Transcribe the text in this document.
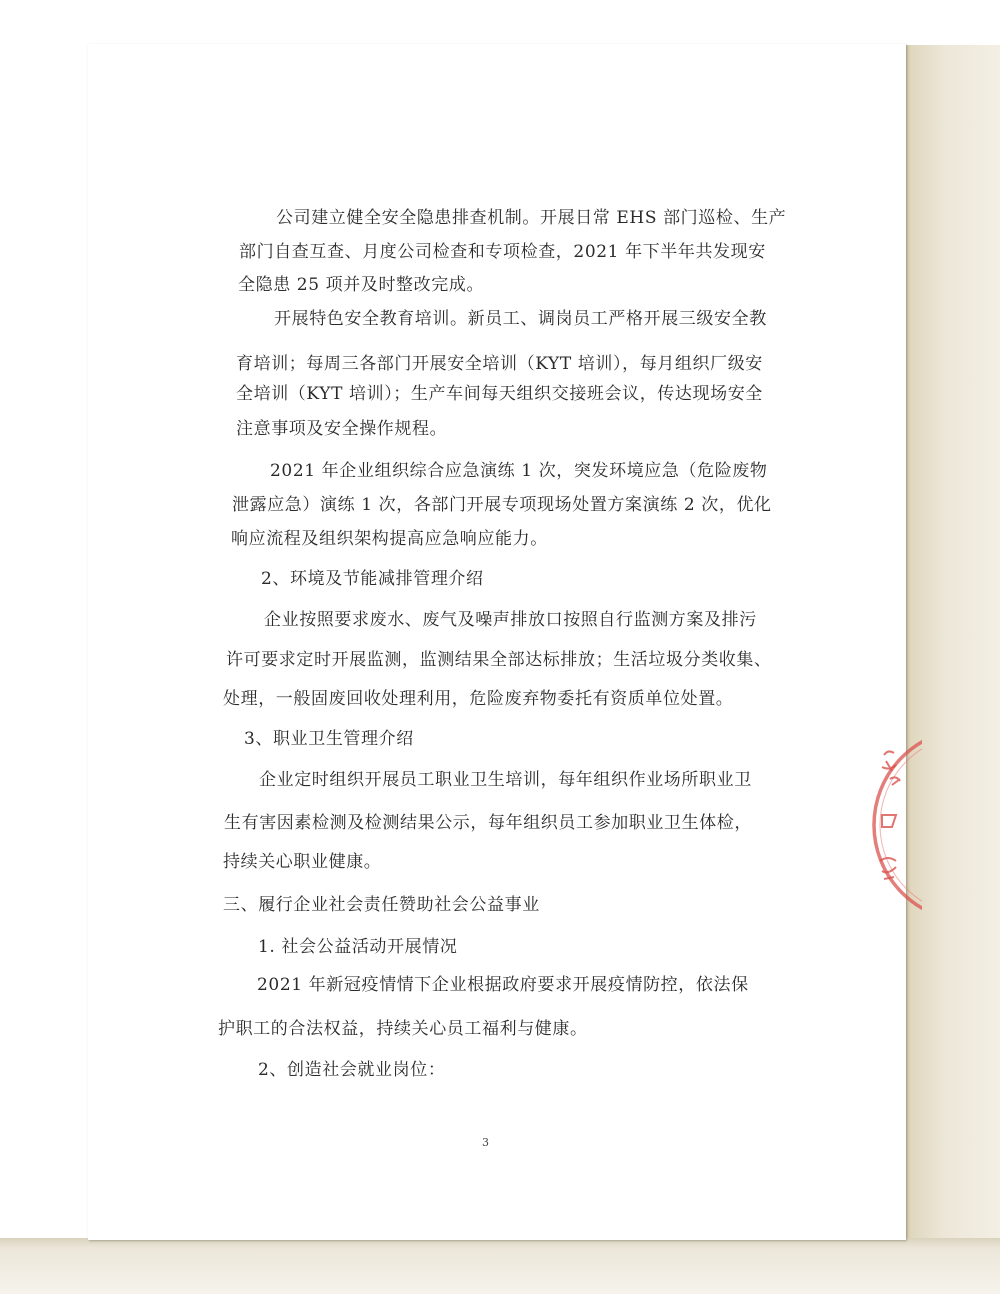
公司建立健全安全隐患排查机制。开展日常 EHS 部门巡检、生产
部门自查互查、月度公司检查和专项检查，2021 年下半年共发现安
全隐患 25 项并及时整改完成。
开展特色安全教育培训。新员工、调岗员工严格开展三级安全教
育培训；每周三各部门开展安全培训（KYT 培训），每月组织厂级安
全培训（KYT 培训）；生产车间每天组织交接班会议，传达现场安全
注意事项及安全操作规程。
2021 年企业组织综合应急演练 1 次，突发环境应急（危险废物
泄露应急）演练 1 次，各部门开展专项现场处置方案演练 2 次，优化
响应流程及组织架构提高应急响应能力。
2、环境及节能减排管理介绍
企业按照要求废水、废气及噪声排放口按照自行监测方案及排污
许可要求定时开展监测，监测结果全部达标排放；生活垃圾分类收集、
处理，一般固废回收处理利用，危险废弃物委托有资质单位处置。
3、职业卫生管理介绍
企业定时组织开展员工职业卫生培训，每年组织作业场所职业卫
生有害因素检测及检测结果公示，每年组织员工参加职业卫生体检，
持续关心职业健康。
三、履行企业社会责任赞助社会公益事业
1. 社会公益活动开展情况
2021 年新冠疫情情下企业根据政府要求开展疫情防控，依法保
护职工的合法权益，持续关心员工福利与健康。
2、创造社会就业岗位：
3
